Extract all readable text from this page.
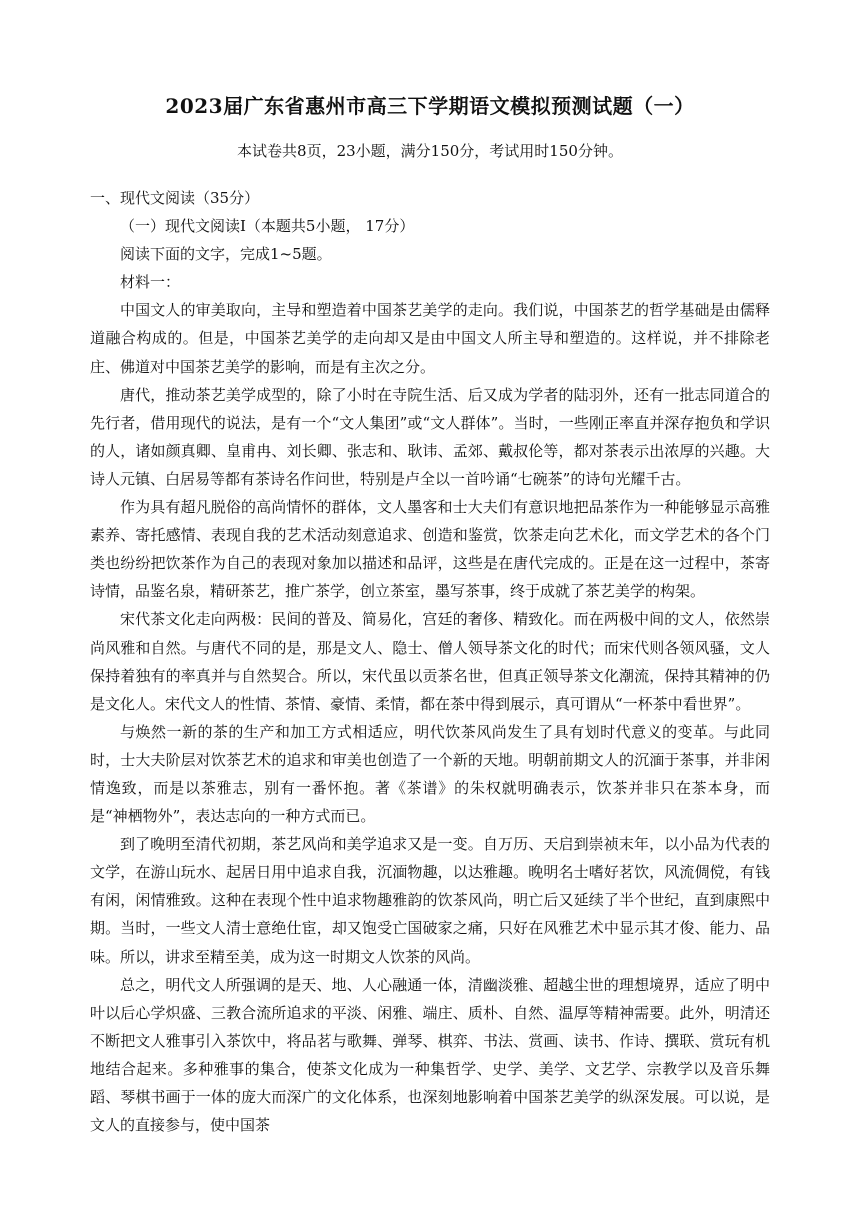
2023届广东省惠州市高三下学期语文模拟预测试题（一）
本试卷共8页，23小题，满分150分，考试用时150分钟。

一、现代文阅读（35分）

（一）现代文阅读Ⅰ（本题共5小题， 17分）

阅读下面的文字，完成1~5题。

材料一：

中国文人的审美取向，主导和塑造着中国茶艺美学的走向。我们说，中国茶艺的哲学基础是由儒释道融合构成的。但是，中国茶艺美学的走向却又是由中国文人所主导和塑造的。这样说，并不排除老庄、佛道对中国茶艺美学的影响，而是有主次之分。

唐代，推动茶艺美学成型的，除了小时在寺院生活、后又成为学者的陆羽外，还有一批志同道合的先行者，借用现代的说法，是有一个“文人集团”或“文人群体”。当时，一些刚正率直并深存抱负和学识的人，诸如颜真卿、皇甫冉、刘长卿、张志和、耿讳、孟郊、戴叔伦等，都对茶表示出浓厚的兴趣。大诗人元镇、白居易等都有茶诗名作问世，特别是卢全以一首吟诵“七碗茶”的诗句光耀千古。

作为具有超凡脱俗的高尚情怀的群体，文人墨客和士大夫们有意识地把品茶作为一种能够显示高雅素养、寄托感情、表现自我的艺术活动刻意追求、创造和鉴赏，饮茶走向艺术化，而文学艺术的各个门类也纷纷把饮茶作为自己的表现对象加以描述和品评，这些是在唐代完成的。正是在这一过程中，茶寄诗情，品鉴名泉，精研茶艺，推广茶学，创立茶室，墨写茶事，终于成就了茶艺美学的构架。

宋代茶文化走向两极：民间的普及、简易化，宫廷的奢侈、精致化。而在两极中间的文人，依然崇尚风雅和自然。与唐代不同的是，那是文人、隐士、僧人领导茶文化的时代；而宋代则各领风骚，文人保持着独有的率真并与自然契合。所以，宋代虽以贡茶名世，但真正领导茶文化潮流，保持其精神的仍是文化人。宋代文人的性情、茶情、豪情、柔情，都在茶中得到展示，真可谓从“一杯茶中看世界”。

与焕然一新的茶的生产和加工方式相适应，明代饮茶风尚发生了具有划时代意义的变革。与此同时，士大夫阶层对饮茶艺术的追求和审美也创造了一个新的天地。明朝前期文人的沉湎于茶事，并非闲情逸致，而是以茶雅志，别有一番怀抱。著《茶谱》的朱权就明确表示，饮茶并非只在茶本身，而是“神栖物外”，表达志向的一种方式而已。

到了晚明至清代初期，茶艺风尚和美学追求又是一变。自万历、天启到崇祯末年，以小品为代表的文学，在游山玩水、起居日用中追求自我，沉湎物趣，以达雅趣。晚明名士嗜好茗饮，风流倜傥，有钱有闲，闲情雅致。这种在表现个性中追求物趣雅韵的饮茶风尚，明亡后又延续了半个世纪，直到康熙中期。当时，一些文人清士意绝仕宦，却又饱受亡国破家之痛，只好在风雅艺术中显示其才俊、能力、品味。所以，讲求至精至美，成为这一时期文人饮茶的风尚。

总之，明代文人所强调的是天、地、人心融通一体，清幽淡雅、超越尘世的理想境界，适应了明中叶以后心学炽盛、三教合流所追求的平淡、闲雅、端庄、质朴、自然、温厚等精神需要。此外，明清还不断把文人雅事引入茶饮中，将品茗与歌舞、弹琴、棋弈、书法、赏画、读书、作诗、撰联、赏玩有机地结合起来。多种雅事的集合，使茶文化成为一种集哲学、史学、美学、文艺学、宗教学以及音乐舞蹈、琴棋书画于一体的庞大而深广的文化体系，也深刻地影响着中国茶艺美学的纵深发展。可以说，是文人的直接参与，使中国茶
